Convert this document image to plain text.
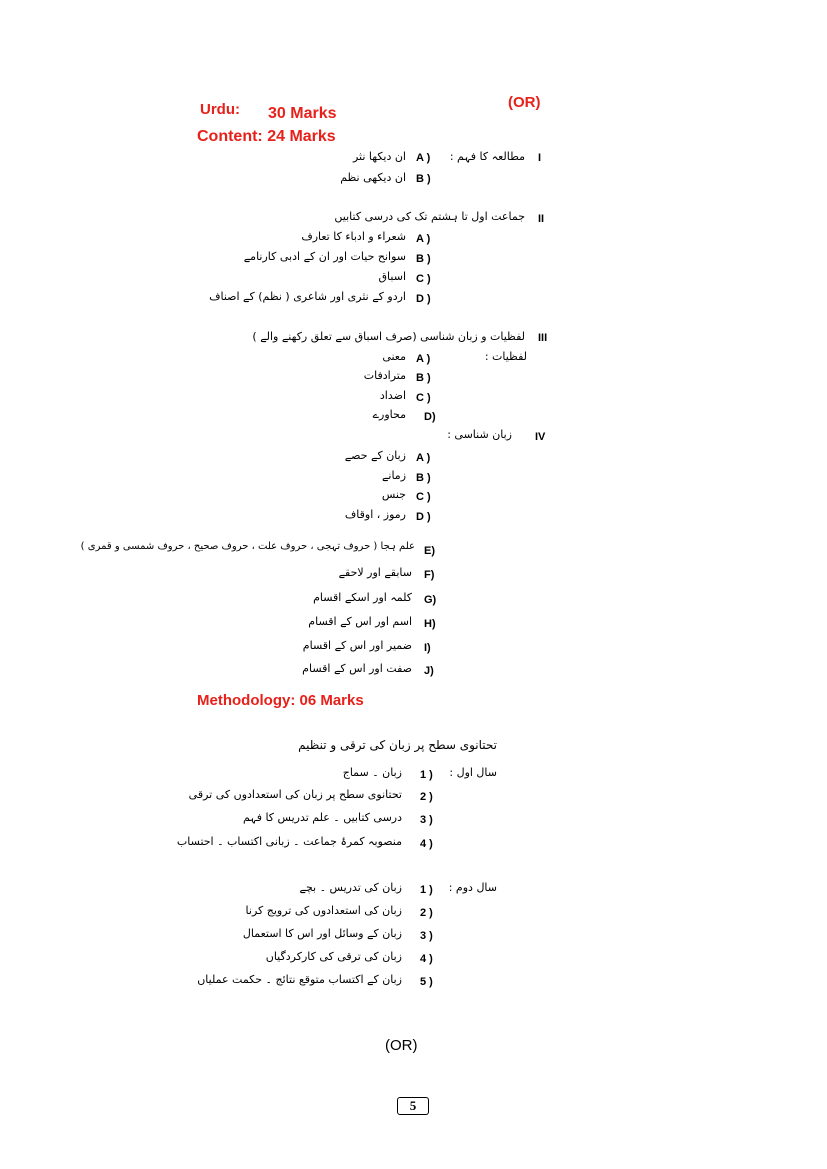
Urdu: 30 Marks
(OR)
Content: 24 Marks
I
مطالعہ کا فہم :
A )
ان دیکھا نثر
B )
ان دیکھی نظم
II
جماعت اول تا ہشتم تک کی درسی کتابیں
A )
شعراء و ادباء کا تعارف
B )
سوانح حیات اور ان کے ادبی کارنامے
C )
اسباق
D )
اردو کے نثری اور شاعری ( نظم) کے اصناف
III
لفظیات و زبان شناسی (صرف اسباق سے تعلق رکھنے والے )
لفظیات :
A )
معنی
B )
مترادفات
C )
اضداد
D)
محاورے
IV
زبان شناسی :
A )
زبان کے حصے
B )
زمانے
C )
جنس
D )
رموز ، اوقاف
E)
علم ہجا ( حروف تہجی ، حروف علت ، حروف صحیح ، حروف شمسی و قمری )
F)
سابقے اور لاحقے
G)
کلمہ اور اسکے اقسام
H)
اسم اور اس کے اقسام
I)
ضمیر اور اس کے اقسام
J)
صفت اور اس کے اقسام
Methodology: 06 Marks
تحتانوی سطح پر زبان کی ترقی و تنظیم
سال اول :
1 )
زبان ۔ سماج
2 )
تحتانوی سطح پر زبان کی استعدادوں کی ترقی
3 )
درسی کتابیں ۔ علم تدریس کا فہم
4 )
منصوبہ کمرۂ جماعت ۔ زبانی اکتساب ۔ احتساب
سال دوم :
1 )
زبان کی تدریس ۔ بچے
2 )
زبان کی استعدادوں کی ترویج کرنا
3 )
زبان کے وسائل اور اس کا استعمال
4 )
زبان کی ترقی کی کارکردگیاں
5 )
زبان کے اکتساب متوقع نتائج ۔ حکمت عملیاں
(OR)
5
